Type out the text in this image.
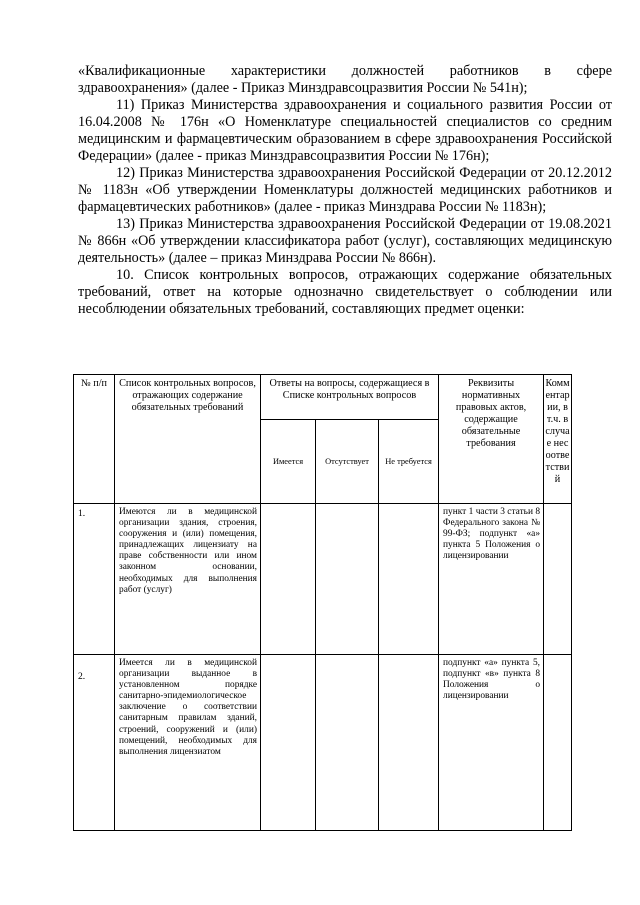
«Квалификационные характеристики должностей работников в сфере здравоохранения» (далее - Приказ Минздравсоцразвития России № 541н);

11) Приказ Министерства здравоохранения и социального развития России от 16.04.2008 № 176н «О Номенклатуре специальностей специалистов со средним медицинским и фармацевтическим образованием в сфере здравоохранения Российской Федерации» (далее - приказ Минздравсоцразвития России № 176н);

12) Приказ Министерства здравоохранения Российской Федерации от 20.12.2012 № 1183н «Об утверждении Номенклатуры должностей медицинских работников и фармацевтических работников» (далее - приказ Минздрава России № 1183н);

13) Приказ Министерства здравоохранения Российской Федерации от 19.08.2021 № 866н «Об утверждении классификатора работ (услуг), составляющих медицинскую деятельность» (далее – приказ Минздрава России № 866н).

10. Список контрольных вопросов, отражающих содержание обязательных требований, ответ на которые однозначно свидетельствует о соблюдении или несоблюдении обязательных требований, составляющих предмет оценки:

№ п/п	Список контрольных вопросов, отражающих содержание обязательных требований	Ответы на вопросы, содержащиеся в Списке контрольных вопросов			Реквизиты нормативных правовых актов, содержащие обязательные требования	Комментарии, в т.ч. в случае несоответствий

		Имеется	Отсутствует	Не требуется		

1.	Имеются ли в медицинской организации здания, строения, сооружения и (или) помещения, принадлежащих лицензиату на праве собственности или ином законном основании, необходимых для выполнения работ (услуг)				пункт 1 части 3 статьи 8 Федерального закона № 99-ФЗ; подпункт «а» пункта 5 Положения о лицензировании	

2.	Имеется ли в медицинской организации выданное в установленном порядке санитарно-эпидемиологическое заключение о соответствии санитарным правилам зданий, строений, сооружений и (или) помещений, необходимых для выполнения лицензиатом				подпункт «а» пункта 5, подпункт «в» пункта 8 Положения о лицензировании	
